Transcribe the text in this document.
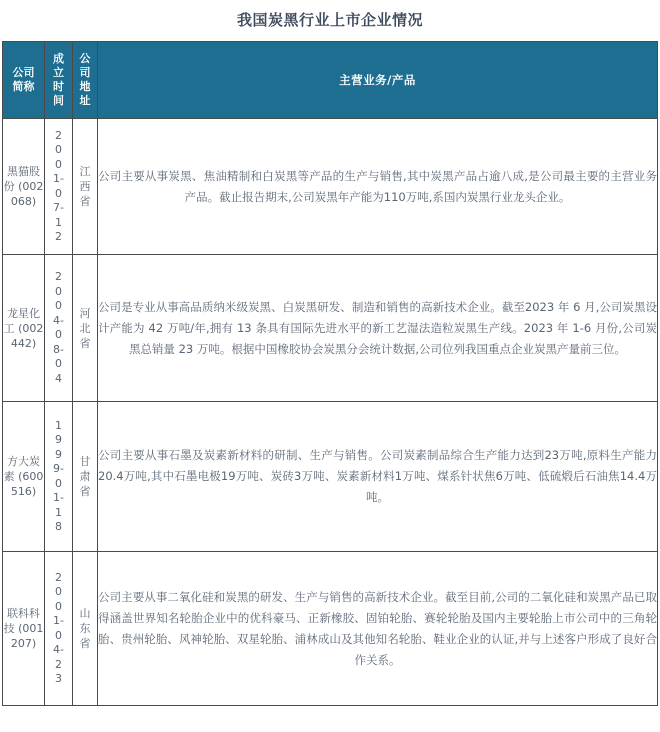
我国炭黑行业上市企业情况
公司简称	成立时间	公司地址	主营业务/产品
黑猫股份 (002068)	2001-07-12	江西省	公司主要从事炭黑、焦油精制和白炭黑等产品的生产与销售,其中炭黑产品占逾八成,是公司最主要的主营业务产品。截止报告期末,公司炭黑年产能为110万吨,系国内炭黑行业龙头企业。
龙星化工 (002442)	2004-08-04	河北省	公司是专业从事高品质纳米级炭黑、白炭黑研发、制造和销售的高新技术企业。截至2023 年 6 月,公司炭黑设计产能为 42 万吨/年,拥有 13 条具有国际先进水平的新工艺湿法造粒炭黑生产线。2023 年 1-6 月份,公司炭黑总销量 23 万吨。根据中国橡胶协会炭黑分会统计数据,公司位列我国重点企业炭黑产量前三位。
方大炭素 (600516)	1999-01-18	甘肃省	公司主要从事石墨及炭素新材料的研制、生产与销售。公司炭素制品综合生产能力达到23万吨,原料生产能力20.4万吨,其中石墨电极19万吨、炭砖3万吨、炭素新材料1万吨、煤系针状焦6万吨、低硫煅后石油焦14.4万吨。
联科科技 (001207)	2001-04-23	山东省	公司主要从事二氧化硅和炭黑的研发、生产与销售的高新技术企业。截至目前,公司的二氧化硅和炭黑产品已取得涵盖世界知名轮胎企业中的优科豪马、正新橡胶、固铂轮胎、赛轮轮胎及国内主要轮胎上市公司中的三角轮胎、贵州轮胎、风神轮胎、双星轮胎、浦林成山及其他知名轮胎、鞋业企业的认证,并与上述客户形成了良好合作关系。
